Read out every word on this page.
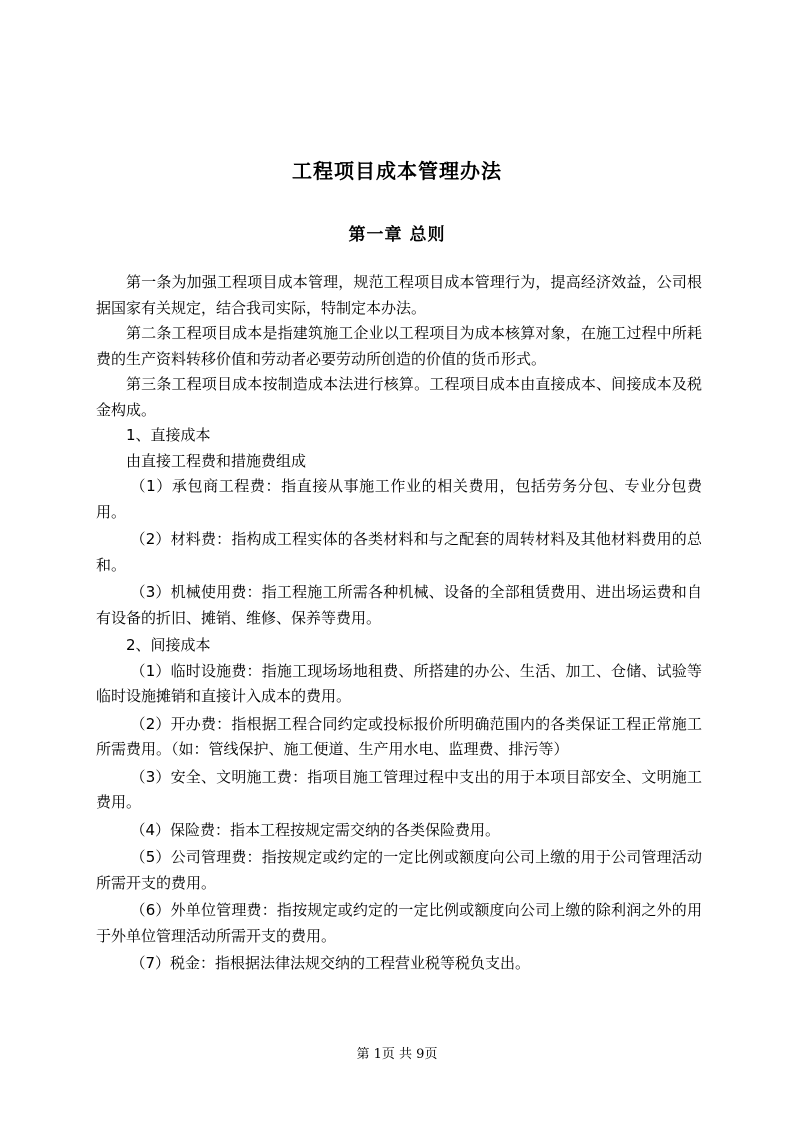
工程项目成本管理办法
第一章 总则

第一条为加强工程项目成本管理，规范工程项目成本管理行为，提高经济效益，公司根据国家有关规定，结合我司实际，特制定本办法。

第二条工程项目成本是指建筑施工企业以工程项目为成本核算对象，在施工过程中所耗费的生产资料转移价值和劳动者必要劳动所创造的价值的货币形式。

第三条工程项目成本按制造成本法进行核算。工程项目成本由直接成本、间接成本及税金构成。

1、直接成本

由直接工程费和措施费组成

（1）承包商工程费：指直接从事施工作业的相关费用，包括劳务分包、专业分包费用。

（2）材料费：指构成工程实体的各类材料和与之配套的周转材料及其他材料费用的总和。

（3）机械使用费：指工程施工所需各种机械、设备的全部租赁费用、进出场运费和自有设备的折旧、摊销、维修、保养等费用。

2、间接成本

（1）临时设施费：指施工现场场地租费、所搭建的办公、生活、加工、仓储、试验等临时设施摊销和直接计入成本的费用。

（2）开办费：指根据工程合同约定或投标报价所明确范围内的各类保证工程正常施工所需费用。（如：管线保护、施工便道、生产用水电、监理费、排污等）

（3）安全、文明施工费：指项目施工管理过程中支出的用于本项目部安全、文明施工费用。

（4）保险费：指本工程按规定需交纳的各类保险费用。

（5）公司管理费：指按规定或约定的一定比例或额度向公司上缴的用于公司管理活动所需开支的费用。

（6）外单位管理费：指按规定或约定的一定比例或额度向公司上缴的除利润之外的用于外单位管理活动所需开支的费用。

（7）税金：指根据法律法规交纳的工程营业税等税负支出。

第 1页 共 9页
